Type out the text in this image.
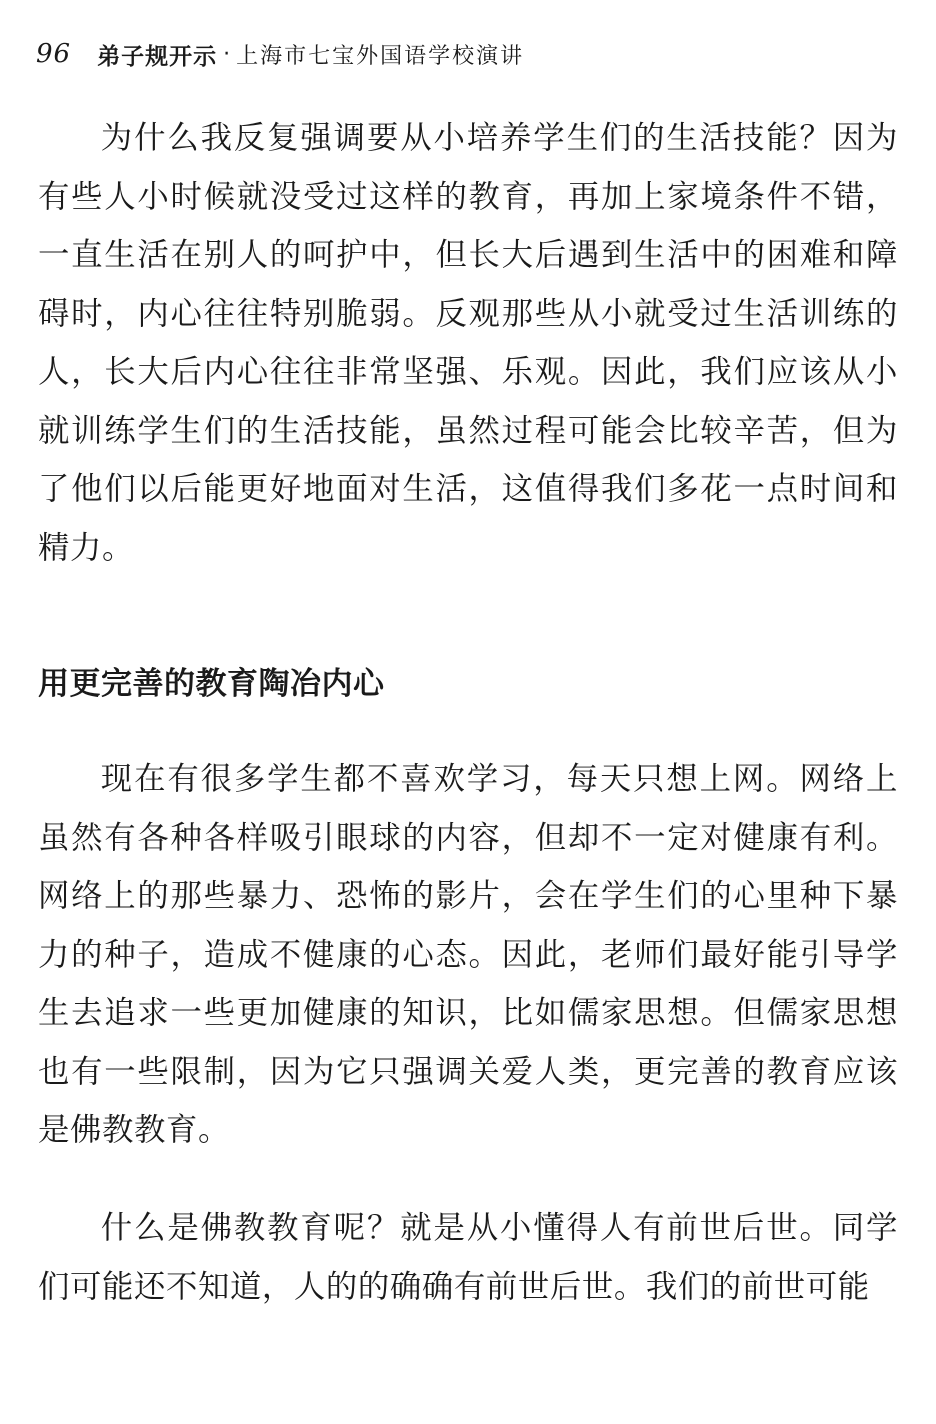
96 弟子规开示 · 上海市七宝外国语学校演讲

为什么我反复强调要从小培养学生们的生活技能？因为有些人小时候就没受过这样的教育，再加上家境条件不错，一直生活在别人的呵护中，但长大后遇到生活中的困难和障碍时，内心往往特别脆弱。反观那些从小就受过生活训练的人，长大后内心往往非常坚强、乐观。因此，我们应该从小就训练学生们的生活技能，虽然过程可能会比较辛苦，但为了他们以后能更好地面对生活，这值得我们多花一点时间和精力。

用更完善的教育陶冶内心

现在有很多学生都不喜欢学习，每天只想上网。网络上虽然有各种各样吸引眼球的内容，但却不一定对健康有利。网络上的那些暴力、恐怖的影片，会在学生们的心里种下暴力的种子，造成不健康的心态。因此，老师们最好能引导学生去追求一些更加健康的知识，比如儒家思想。但儒家思想也有一些限制，因为它只强调关爱人类，更完善的教育应该是佛教教育。

什么是佛教教育呢？就是从小懂得人有前世后世。同学们可能还不知道，人的的确确有前世后世。我们的前世可能
